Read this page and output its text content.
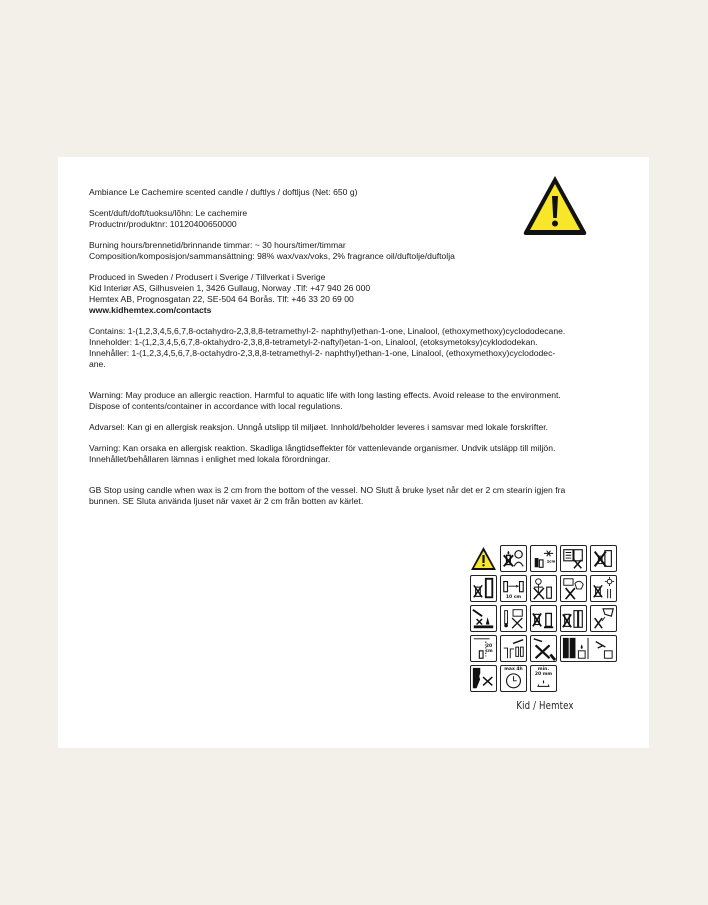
Ambiance Le Cachemire scented candle / duftlys / doftljus (Net: 650 g)

Scent/duft/doft/tuoksu/lõhn: Le cachemire
Productnr/produktnr: 10120400650000

Burning hours/brennetid/brinnande timmar: ~ 30 hours/timer/timmar
Composition/komposisjon/sammansättning: 98% wax/vax/voks, 2% fragrance oil/duftolje/duftolja

Produced in Sweden / Produsert i Sverige / Tillverkat i Sverige
Kid Interiør AS, Gilhusveien 1, 3426 Gullaug, Norway .Tlf: +47 940 26 000
Hemtex AB, Prognosgatan 22, SE-504 64 Borås. Tlf: +46 33 20 69 00
www.kidhemtex.com/contacts

Contains: 1-(1,2,3,4,5,6,7,8-octahydro-2,3,8,8-tetramethyl-2- naphthyl)ethan-1-one, Linalool, (ethoxymethoxy)cyclododecane.
Inneholder: 1-(1,2,3,4,5,6,7,8-oktahydro-2,3,8,8-tetrametyl-2-naftyl)etan-1-on, Linalool, (etoksymetoksy)cyklododekan.
Innehåller: 1-(1,2,3,4,5,6,7,8-octahydro-2,3,8,8-tetramethyl-2- naphthyl)ethan-1-one, Linalool, (ethoxymethoxy)cyclododec-
ane.

Warning: May produce an allergic reaction. Harmful to aquatic life with long lasting effects. Avoid release to the environment.
Dispose of contents/container in accordance with local regulations.

Advarsel: Kan gi en allergisk reaksjon. Unngå utslipp til miljøet. Innhold/beholder leveres i samsvar med lokale forskrifter.

Varning: Kan orsaka en allergisk reaktion. Skadliga långtidseffekter för vattenlevande organismer. Undvik utsläpp till miljön.
Innehållet/behållaren lämnas i enlighet med lokala förordningar.

GB Stop using candle when wax is 2 cm from the bottom of the vessel. NO Slutt å bruke lyset når det er 2 cm stearin igjen fra
bunnen. SE Sluta använda ljuset när vaxet är 2 cm från botten av kärlet.

1cm
10 cm
20 cm
max 4h	min.
20 mm
Kid / Hemtex
